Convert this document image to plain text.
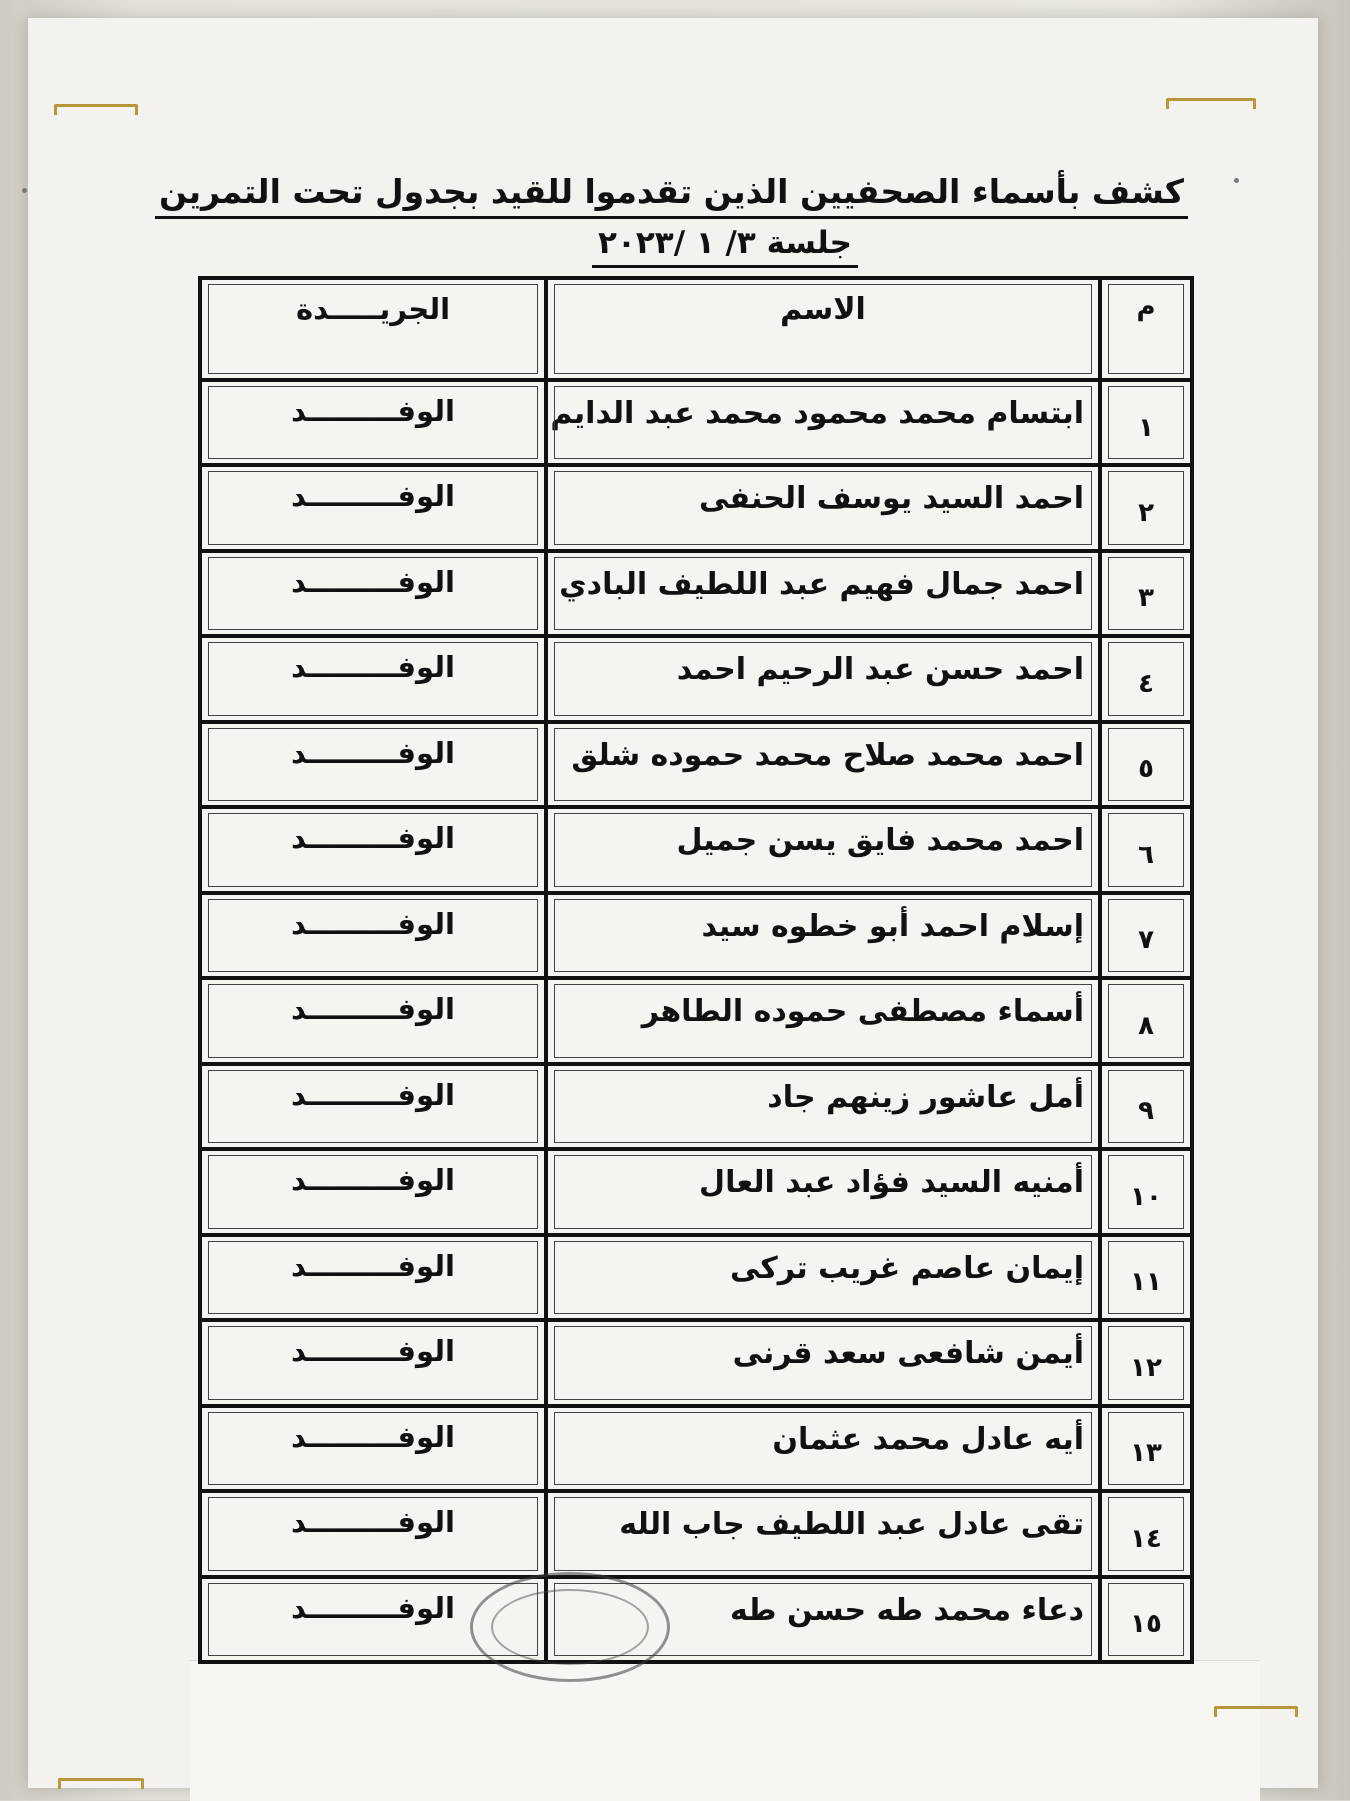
كشف بأسماء الصحفيين الذين تقدموا للقيد بجدول تحت التمرين
جلسة ٣/ ١ /٢٠٢٣
م
الاسم
الجريـــــدة
١
ابتسام محمد محمود محمد عبد الدايم
الوفـــــــــد
٢
احمد السيد يوسف الحنفى
الوفـــــــــد
٣
احمد جمال فهيم عبد اللطيف البادي
الوفـــــــــد
٤
احمد حسن عبد الرحيم احمد
الوفـــــــــد
٥
احمد محمد صلاح محمد حموده شلق
الوفـــــــــد
٦
احمد محمد فايق يسن جميل
الوفـــــــــد
٧
إسلام احمد أبو خطوه سيد
الوفـــــــــد
٨
أسماء مصطفى حموده الطاهر
الوفـــــــــد
٩
أمل عاشور زينهم جاد
الوفـــــــــد
١٠
أمنيه السيد فؤاد عبد العال
الوفـــــــــد
١١
إيمان عاصم غريب تركى
الوفـــــــــد
١٢
أيمن شافعى سعد قرنى
الوفـــــــــد
١٣
أيه عادل محمد عثمان
الوفـــــــــد
١٤
تقى عادل عبد اللطيف جاب الله
الوفـــــــــد
١٥
دعاء محمد طه حسن طه
الوفـــــــــد
